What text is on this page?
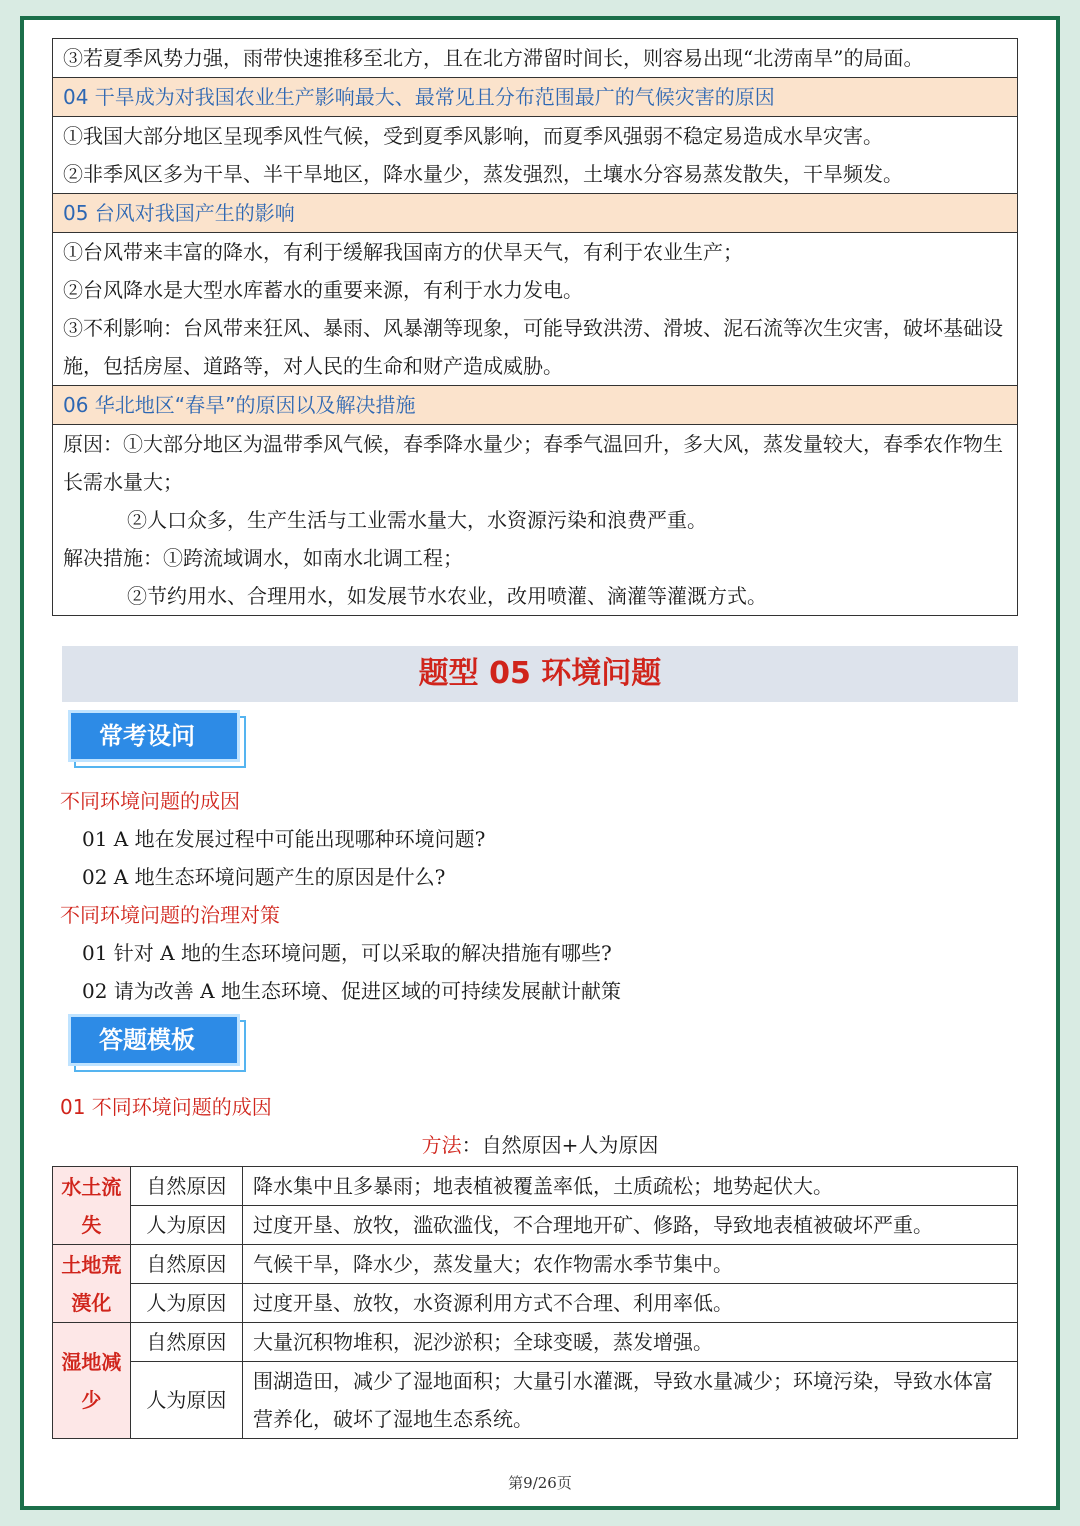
③若夏季风势力强，雨带快速推移至北方，且在北方滞留时间长，则容易出现“北涝南旱”的局面。
04 干旱成为对我国农业生产影响最大、最常见且分布范围最广的气候灾害的原因

①我国大部分地区呈现季风性气候，受到夏季风影响，而夏季风强弱不稳定易造成水旱灾害。

②非季风区多为干旱、半干旱地区，降水量少，蒸发强烈，土壤水分容易蒸发散失，干旱频发。

05 台风对我国产生的影响

①台风带来丰富的降水，有利于缓解我国南方的伏旱天气，有利于农业生产；

②台风降水是大型水库蓄水的重要来源，有利于水力发电。

③不利影响：台风带来狂风、暴雨、风暴潮等现象，可能导致洪涝、滑坡、泥石流等次生灾害，破坏基础设施，包括房屋、道路等，对人民的生命和财产造成威胁。

06 华北地区“春旱”的原因以及解决措施

原因：①大部分地区为温带季风气候，春季降水量少；春季气温回升，多大风，蒸发量较大，春季农作物生长需水量大；

②人口众多，生产生活与工业需水量大，水资源污染和浪费严重。

解决措施：①跨流域调水，如南水北调工程；

②节约用水、合理用水，如发展节水农业，改用喷灌、滴灌等灌溉方式。

题型 05 环境问题
常考设问
不同环境问题的成因
01 A 地在发展过程中可能出现哪种环境问题?
02 A 地生态环境问题产生的原因是什么?
不同环境问题的治理对策
01 针对 A 地的生态环境问题，可以采取的解决措施有哪些?
02 请为改善 A 地生态环境、促进区域的可持续发展献计献策
答题模板
01 不同环境问题的成因
方法：自然原因+人为原因
水土流失	自然原因	降水集中且多暴雨；地表植被覆盖率低，土质疏松；地势起伏大。
	人为原因	过度开垦、放牧，滥砍滥伐，不合理地开矿、修路，导致地表植被破坏严重。
土地荒漠化	自然原因	气候干旱，降水少，蒸发量大；农作物需水季节集中。
	人为原因	过度开垦、放牧，水资源利用方式不合理、利用率低。
湿地减少	自然原因	大量沉积物堆积，泥沙淤积；全球变暖，蒸发增强。
	人为原因	围湖造田，减少了湿地面积；大量引水灌溉，导致水量减少；环境污染，导致水体富营养化，破坏了湿地生态系统。
第9/26页
